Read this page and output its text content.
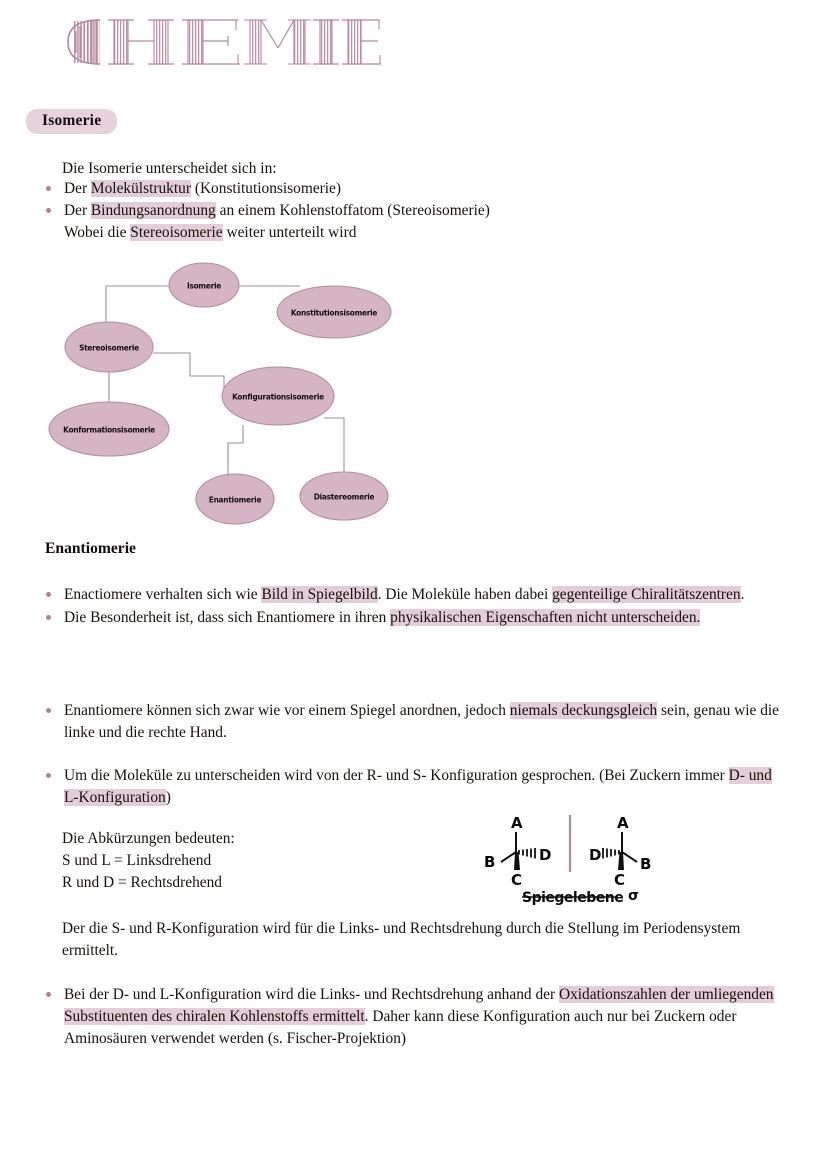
Isomerie

Die Isomerie unterscheidet sich in:

Der Molekülstruktur (Konstitutionsisomerie)
Der Bindungsanordnung an einem Kohlenstoffatom (Stereoisomerie)
Wobei die Stereoisomerie weiter unterteilt wird
Isomerie
Konstitutionsisomerie
Stereoisomerie
Konfigurationsisomerie
Konformationsisomerie
Enantiomerie	Diastereomerie
Enantiomerie
Enactiomere verhalten sich wie Bild in Spiegelbild. Die Moleküle haben dabei gegenteilige Chiralitätszentren.
Die Besonderheit ist, dass sich Enantiomere in ihren physikalischen Eigenschaften nicht unterscheiden.
Enantiomere können sich zwar wie vor einem Spiegel anordnen, jedoch niemals deckungsgleich sein, genau wie die linke und die rechte Hand.
Um die Moleküle zu unterscheiden wird von der R- und S- Konfiguration gesprochen. (Bei Zuckern immer D- und L-Konfiguration)

Die Abkürzungen bedeuten:

S und L = Linksdrehend

R und D = Rechtsdrehend

A
B	D
C
A
D	B
C
Spiegelebene σ
Der die S- und R-Konfiguration wird für die Links- und Rechtsdrehung durch die Stellung im Periodensystem ermittelt.
Bei der D- und L-Konfiguration wird die Links- und Rechtsdrehung anhand der Oxidationszahlen der umliegenden Substituenten des chiralen Kohlenstoffs ermittelt. Daher kann diese Konfiguration auch nur bei Zuckern oder Aminosäuren verwendet werden (s. Fischer-Projektion)
